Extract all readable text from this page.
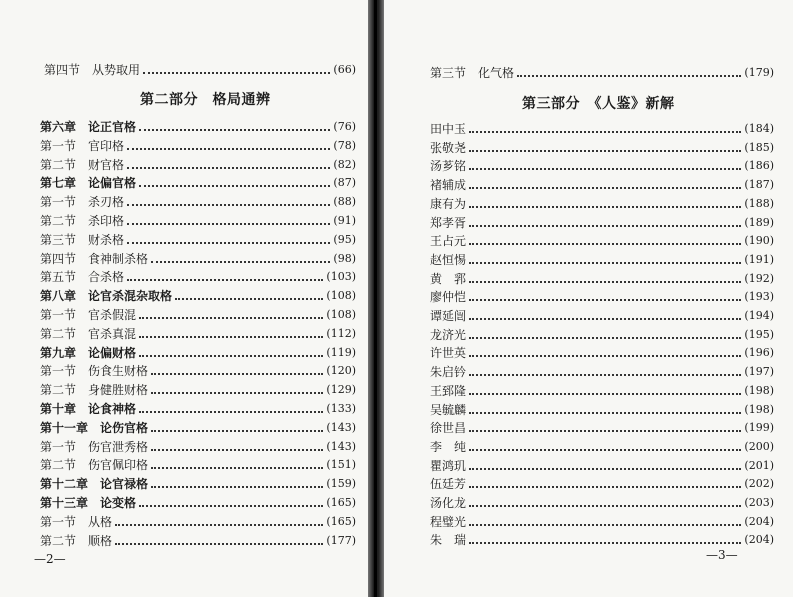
第四节　从势取用	(66)
第二部分　格局通辨
第六章　论正官格	(76)
第一节　官印格	(78)
第二节　财官格	(82)
第七章　论偏官格	(87)
第一节　杀刃格	(88)
第二节　杀印格	(91)
第三节　财杀格	(95)
第四节　食神制杀格	(98)
第五节　合杀格	(103)
第八章　论官杀混杂取格	(108)
第一节　官杀假混	(108)
第二节　官杀真混	(112)
第九章　论偏财格	(119)
第一节　伤食生财格	(120)
第二节　身健胜财格	(129)
第十章　论食神格	(133)
第十一章　论伤官格	(143)
第一节　伤官泄秀格	(143)
第二节　伤官佩印格	(151)
第十二章　论官禄格	(159)
第十三章　论变格	(165)
第一节　从格	(165)
第二节　顺格	(177)
—2—
第三节　化气格	(179)
第三部分　《人鉴》新解
田中玉	(184)
张敬尧	(185)
汤芗铭	(186)
褚辅成	(187)
康有为	(188)
郑孝胥	(189)
王占元	(190)
赵恒惕	(191)
黄　郛	(192)
廖仲恺	(193)
谭延闿	(194)
龙济光	(195)
许世英	(196)
朱启钤	(197)
王郅隆	(198)
吴毓麟	(198)
徐世昌	(199)
李　纯	(200)
瞿鸿玑	(201)
伍廷芳	(202)
汤化龙	(203)
程璧光	(204)
朱　瑞	(204)
—3—
